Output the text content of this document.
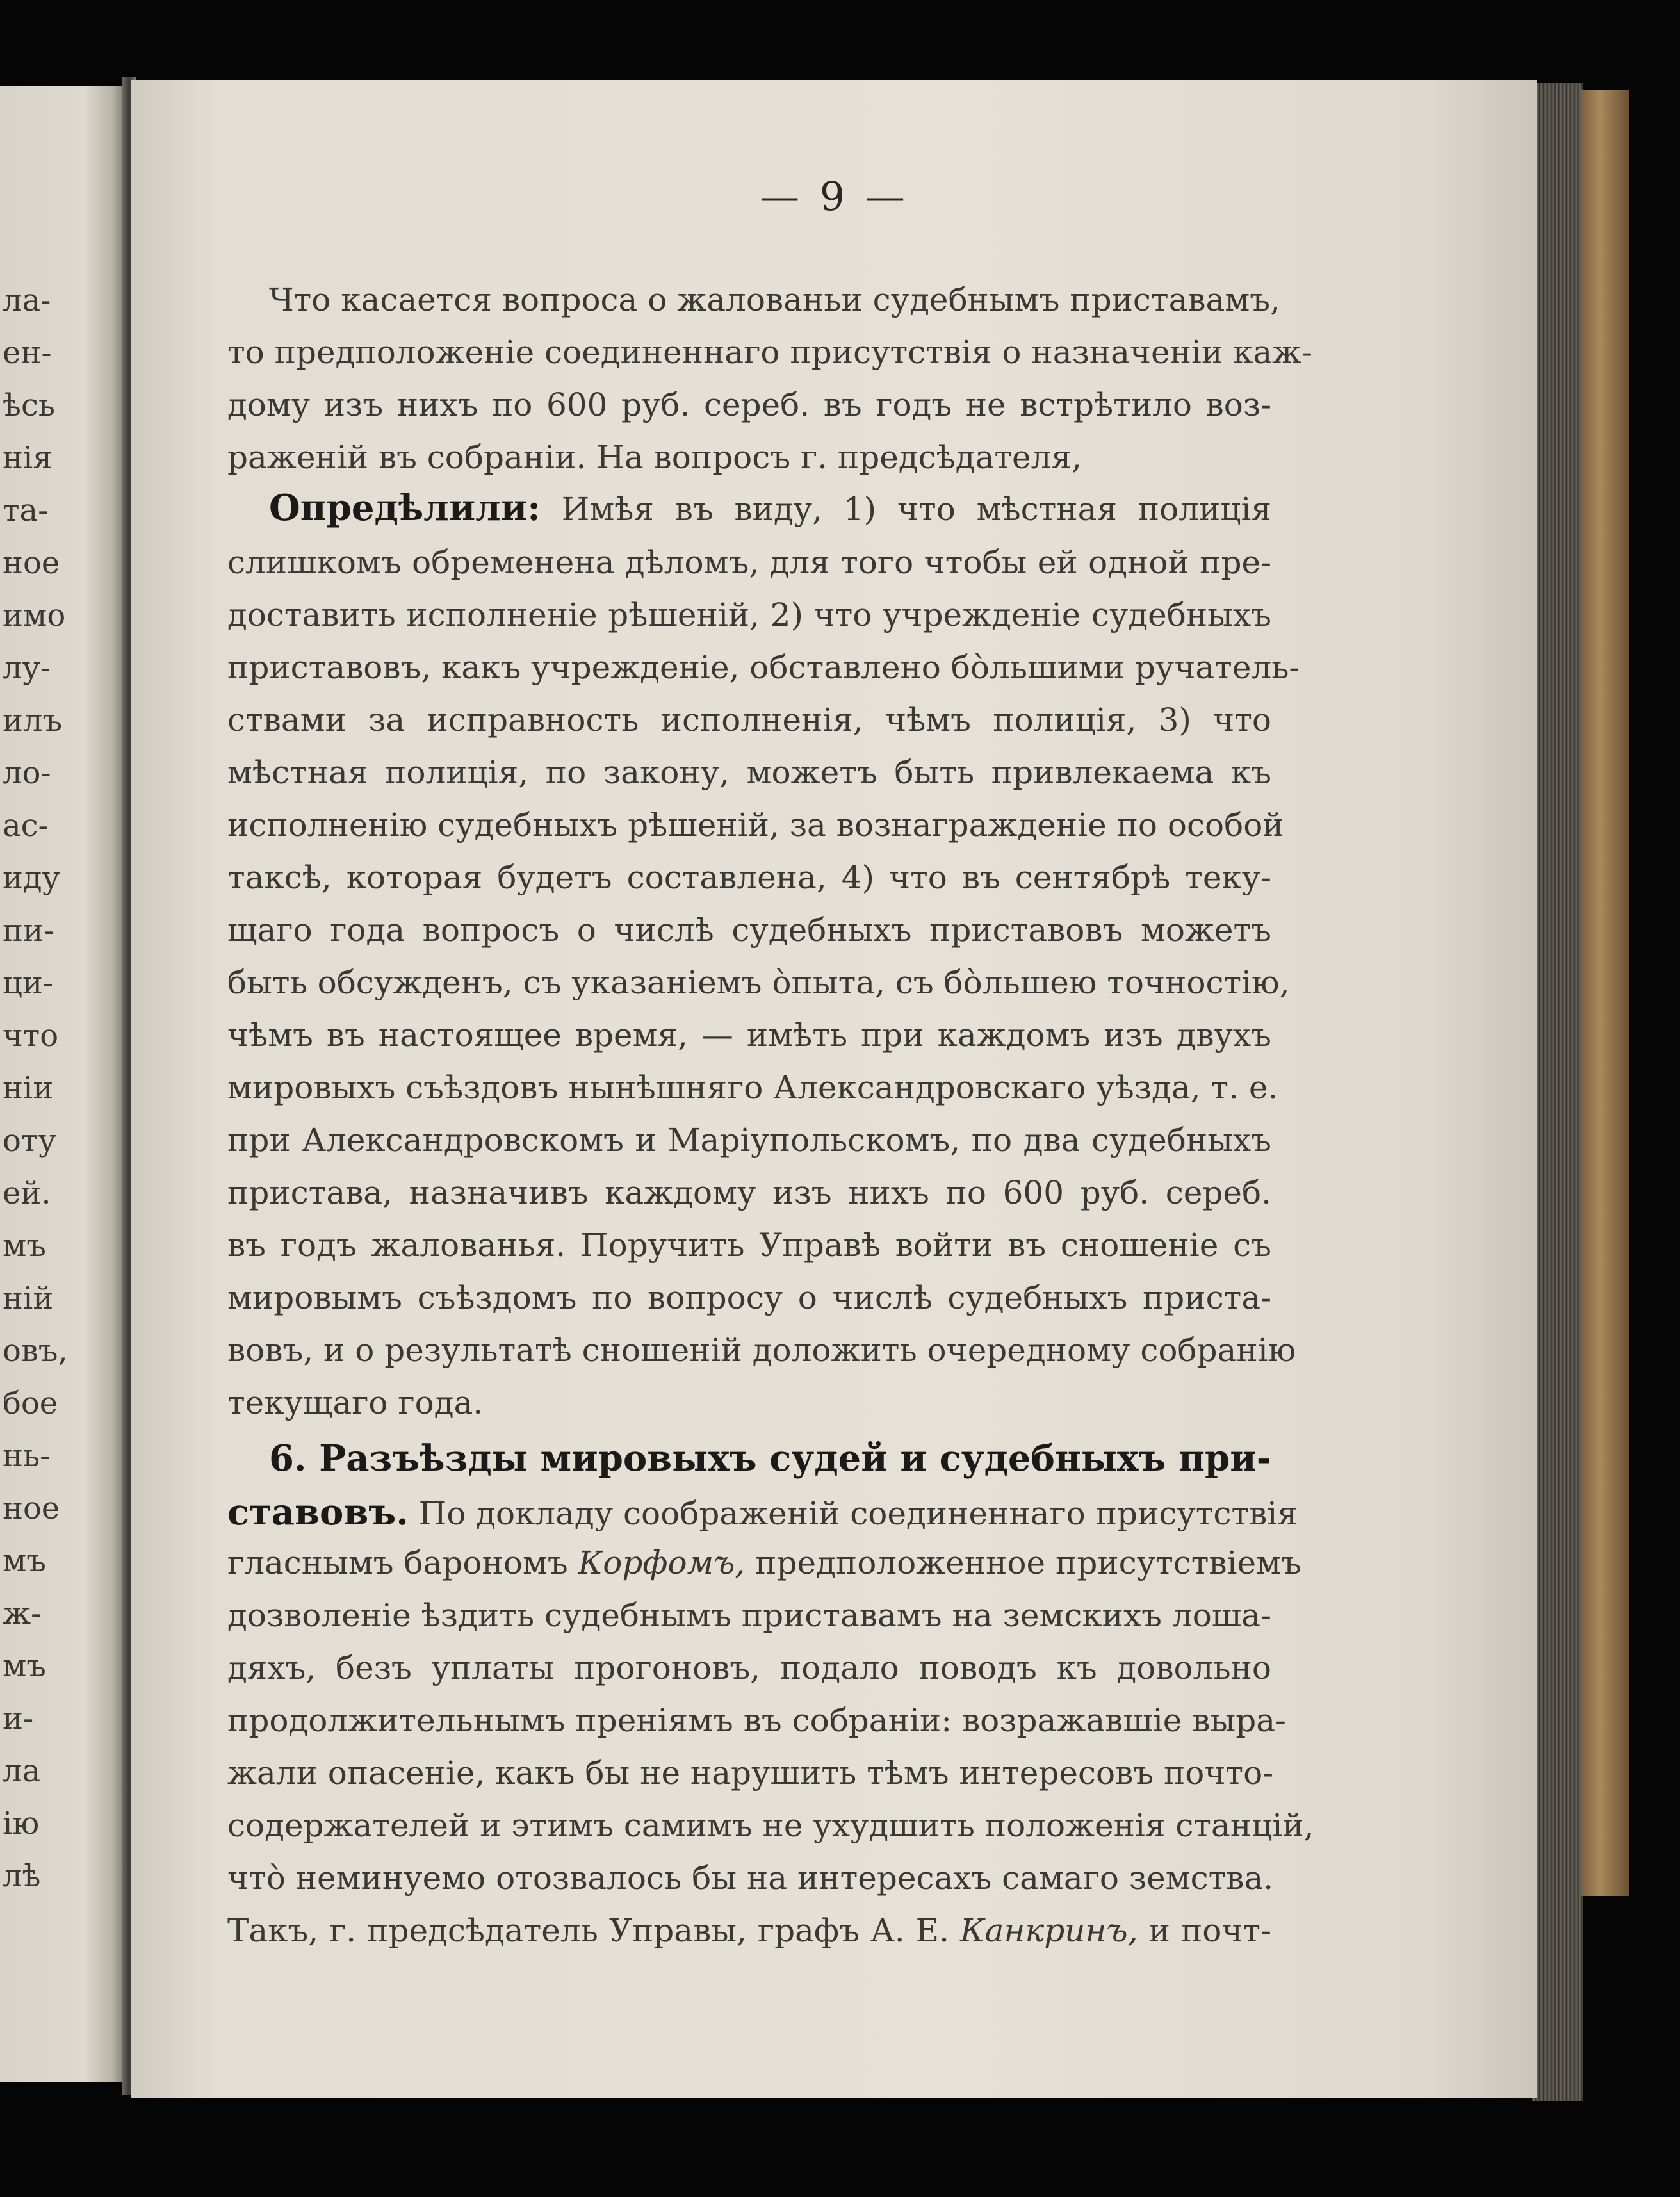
ла-
ен-
ѣсь
нія
та-
ное
имо
лу-
илъ
ло-
ас-
иду
пи-
ци-
что
нiи
оту
ей.
мъ
ній
овъ,
бое
нь-
ное
мъ
ж-
мъ
и-
ла
iю
лѣ
— 9 —
Что касается вопроса о жалованьи судебнымъ приставамъ,
то предположеніе соединеннаго присутствія о назначеніи каж-
дому изъ нихъ по 600 руб. сереб. въ годъ не встрѣтило воз-
раженій въ собраніи. На вопросъ г. предсѣдателя,
Опредѣлили: Имѣя въ виду, 1) что мѣстная полиція
слишкомъ обременена дѣломъ, для того чтобы ей одной пре-
доставить исполненіе рѣшеній, 2) что учрежденіе судебныхъ
приставовъ, какъ учрежденіе, обставлено бо̀льшими ручатель-
ствами за исправность исполненія, чѣмъ полиція, 3) что
мѣстная полиція, по закону, можетъ быть привлекаема къ
исполненію судебныхъ рѣшеній, за вознагражденіе по особой
таксѣ, которая будетъ составлена, 4) что въ сентябрѣ теку-
щаго года вопросъ о числѣ судебныхъ приставовъ можетъ
быть обсужденъ, съ указаніемъ о̀пыта, съ бо̀льшею точностію,
чѣмъ въ настоящее время, — имѣть при каждомъ изъ двухъ
мировыхъ съѣздовъ нынѣшняго Александровскаго уѣзда, т. е.
при Александровскомъ и Маріупольскомъ, по два судебныхъ
пристава, назначивъ каждому изъ нихъ по 600 руб. сереб.
въ годъ жалованья. Поручить Управѣ войти въ сношеніе съ
мировымъ съѣздомъ по вопросу о числѣ судебныхъ приста-
вовъ, и о результатѣ сношеній доложить очередному собранію
текущаго года.
6. Разъѣзды мировыхъ судей и судебныхъ при-
ставовъ. По докладу соображеній соединеннаго присутствія
гласнымъ барономъ Корфомъ, предположенное присутствіемъ
дозволеніе ѣздить судебнымъ приставамъ на земскихъ лоша-
дяхъ, безъ уплаты прогоновъ, подало поводъ къ довольно
продолжительнымъ преніямъ въ собраніи: возражавшіе выра-
жали опасеніе, какъ бы не нарушить тѣмъ интересовъ почто-
содержателей и этимъ самимъ не ухудшить положенія станцій,
что̀ неминуемо отозвалось бы на интересахъ самаго земства.
Такъ, г. предсѣдатель Управы, графъ А. Е. Канкринъ, и почт-
